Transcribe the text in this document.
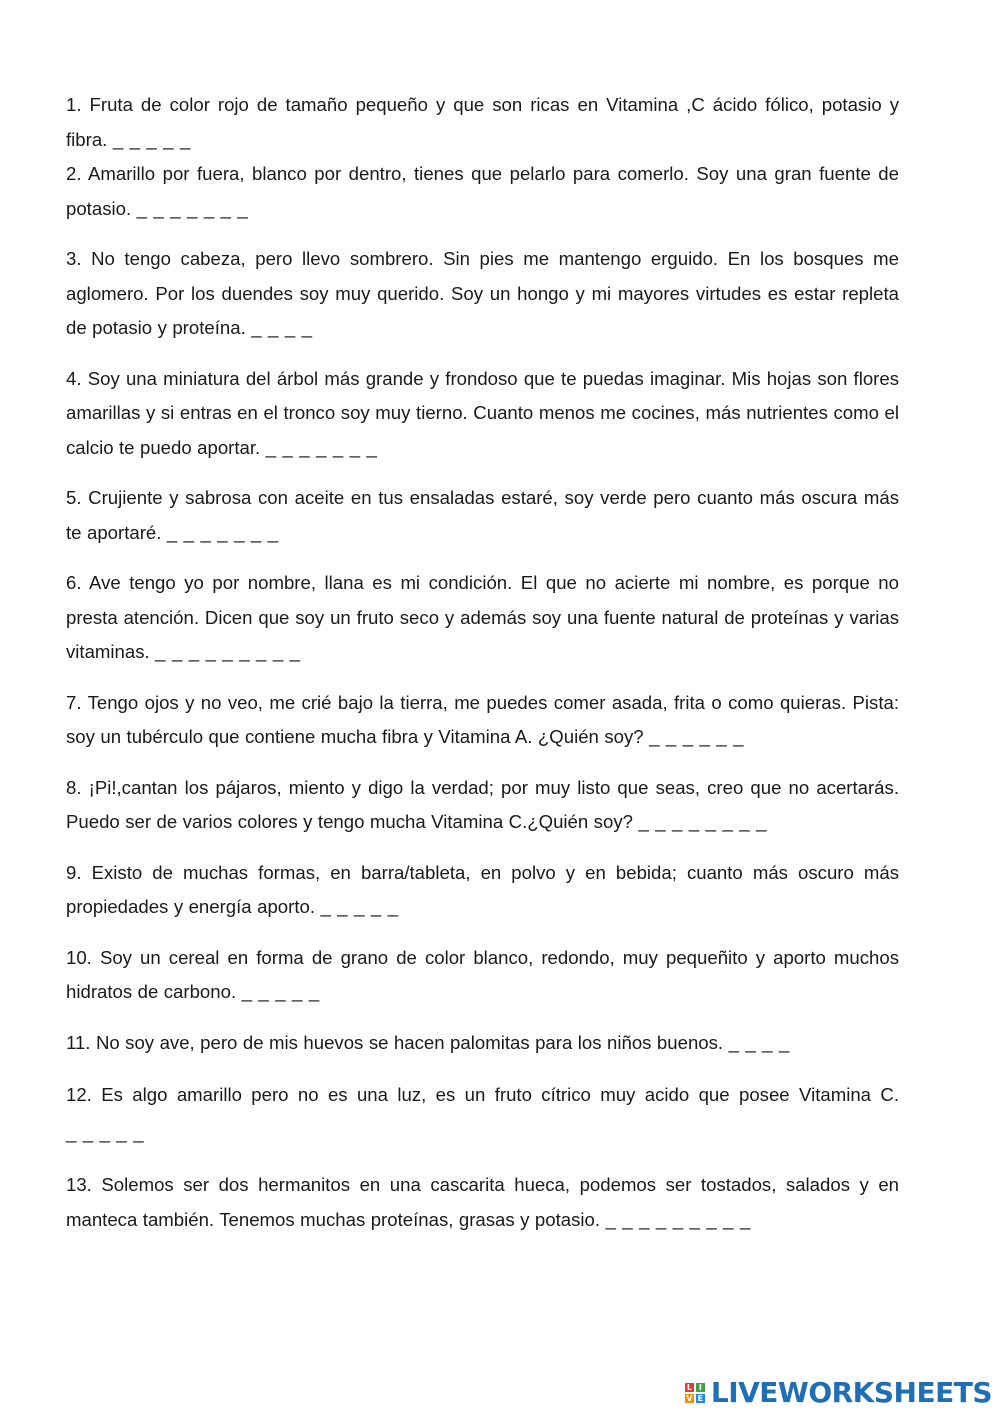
1. Fruta de color rojo de tamaño pequeño y que son ricas en Vitamina ,C ácido fólico, potasio y fibra. _ _ _ _ _
2. Amarillo por fuera, blanco por dentro, tienes que pelarlo para comerlo. Soy una gran fuente de potasio. _ _ _ _ _ _ _
3. No tengo cabeza, pero llevo sombrero. Sin pies me mantengo erguido. En los bosques me aglomero. Por los duendes soy muy querido. Soy un hongo y mi mayores virtudes es estar repleta de potasio y proteína. _ _ _ _
4. Soy una miniatura del árbol más grande y frondoso que te puedas imaginar. Mis hojas son flores amarillas y si entras en el tronco soy muy tierno. Cuanto menos me cocines, más nutrientes como el calcio te puedo aportar. _ _ _ _ _ _ _
5. Crujiente y sabrosa con aceite en tus ensaladas estaré, soy verde pero cuanto más oscura más te aportaré. _ _ _ _ _ _ _
6. Ave tengo yo por nombre, llana es mi condición. El que no acierte mi nombre, es porque no presta atención. Dicen que soy un fruto seco y además soy una fuente natural de proteínas y varias vitaminas. _ _ _ _ _ _ _ _ _
7. Tengo ojos y no veo, me crié bajo la tierra, me puedes comer asada, frita o como quieras. Pista: soy un tubérculo que contiene mucha fibra y Vitamina A. ¿Quién soy? _ _ _ _ _ _
8. ¡Pi!,cantan los pájaros, miento y digo la verdad; por muy listo que seas, creo que no acertarás. Puedo ser de varios colores y tengo mucha Vitamina C.¿Quién soy? _ _ _ _ _ _ _ _
9. Existo de muchas formas, en barra/tableta, en polvo y en bebida; cuanto más oscuro más propiedades y energía aporto. _ _ _ _ _
10. Soy un cereal en forma de grano de color blanco, redondo, muy pequeñito y aporto muchos hidratos de carbono. _ _ _ _ _
11. No soy ave, pero de mis huevos se hacen palomitas para los niños buenos. _ _ _ _
12. Es algo amarillo pero no es una luz, es un fruto cítrico muy acido que posee Vitamina C. _ _ _ _ _
13. Solemos ser dos hermanitos en una cascarita hueca, podemos ser tostados, salados y en manteca también. Tenemos muchas proteínas, grasas y potasio. _ _ _ _ _ _ _ _ _
L I
V E LIVEWORKSHEETS
